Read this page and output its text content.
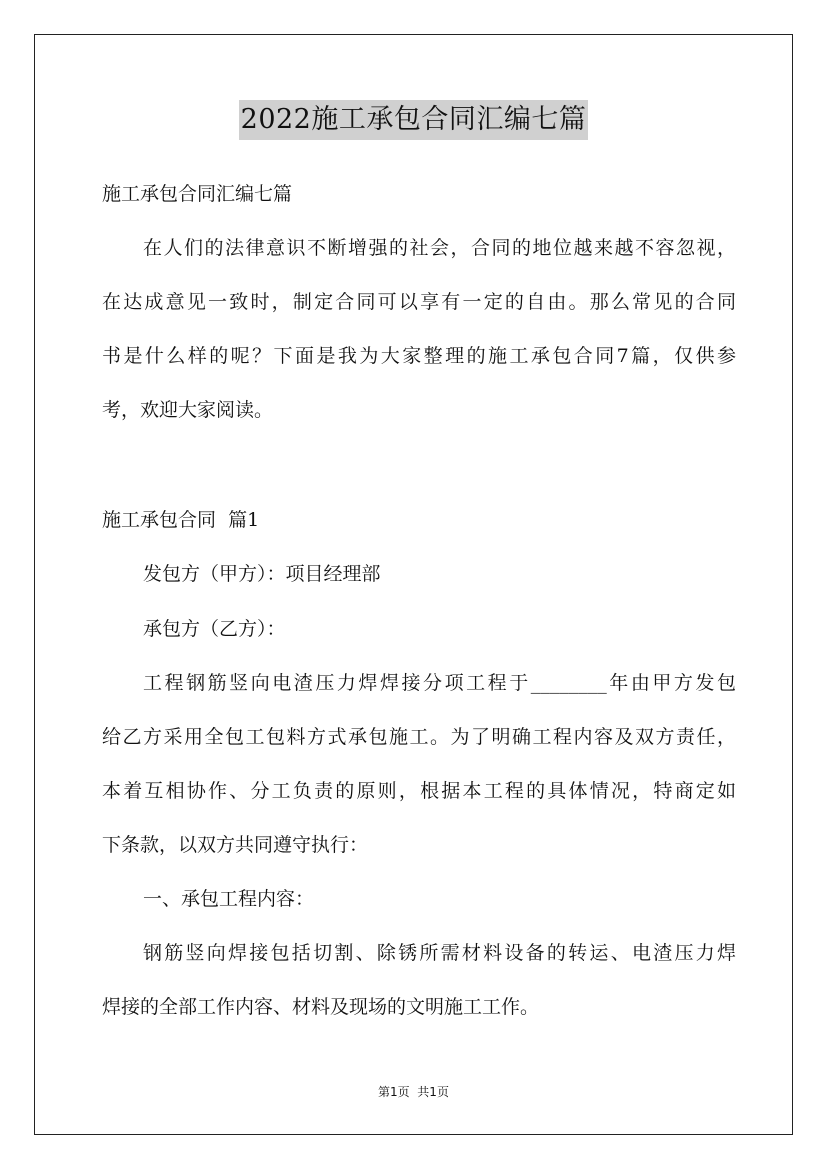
2022施工承包合同汇编七篇
施工承包合同汇编七篇
在人们的法律意识不断增强的社会，合同的地位越来越不容忽视，
在达成意见一致时，制定合同可以享有一定的自由。那么常见的合同
书是什么样的呢？下面是我为大家整理的施工承包合同7篇，仅供参
考，欢迎大家阅读。
施工承包合同  篇1
发包方（甲方）：项目经理部
承包方（乙方）：
工程钢筋竖向电渣压力焊焊接分项工程于________年由甲方发包
给乙方采用全包工包料方式承包施工。为了明确工程内容及双方责任，
本着互相协作、分工负责的原则，根据本工程的具体情况，特商定如
下条款，以双方共同遵守执行：
一、承包工程内容：
钢筋竖向焊接包括切割、除锈所需材料设备的转运、电渣压力焊
焊接的全部工作内容、材料及现场的文明施工工作。
第1页  共1页
